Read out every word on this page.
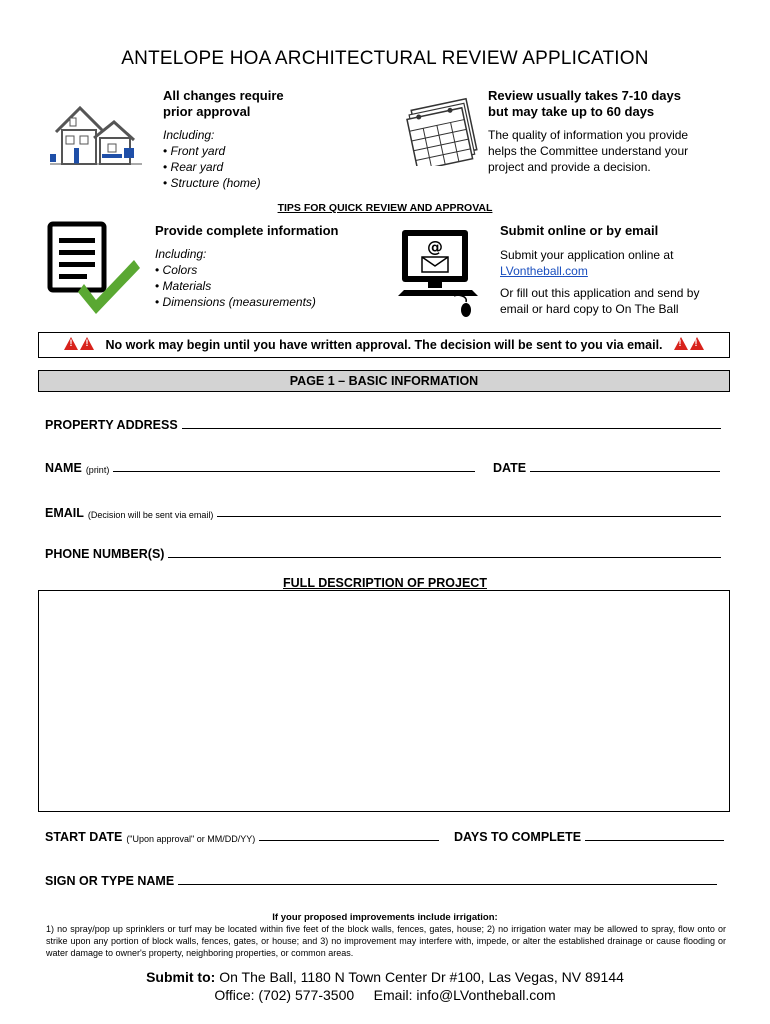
ANTELOPE HOA ARCHITECTURAL REVIEW APPLICATION
All changes require
prior approval
Including:
• Front yard
• Rear yard
• Structure (home)
Review usually takes 7-10 days
but may take up to 60 days
The quality of information you provide
helps the Committee understand your
project and provide a decision.
TIPS FOR QUICK REVIEW AND APPROVAL
Provide complete information
Including:
• Colors
• Materials
• Dimensions (measurements)
@
Submit online or by email
Submit your application online at
LVontheball.com
Or fill out this application and send by
email or hard copy to On The Ball
!!
No work may begin until you have written approval. The decision will be sent to you via email.
!!
PAGE 1 – BASIC INFORMATION
PROPERTY ADDRESS
NAME (print)	DATE
EMAIL (Decision will be sent via email)
PHONE NUMBER(S)
FULL DESCRIPTION OF PROJECT
START DATE ("Upon approval" or MM/DD/YY)	DAYS TO COMPLETE
SIGN OR TYPE NAME
If your proposed improvements include irrigation:
1) no spray/pop up sprinklers or turf may be located within five feet of the block walls, fences, gates, house; 2) no irrigation water may be allowed to spray, flow onto or strike upon any portion of block walls, fences, gates, or house; and 3) no improvement may interfere with, impede, or alter the established drainage or cause flooding or water damage to owner's property, neighboring properties, or common areas.
Submit to: On The Ball, 1180 N Town Center Dr #100, Las Vegas, NV 89144
Office: (702) 577-3500 Email: info@LVontheball.com
